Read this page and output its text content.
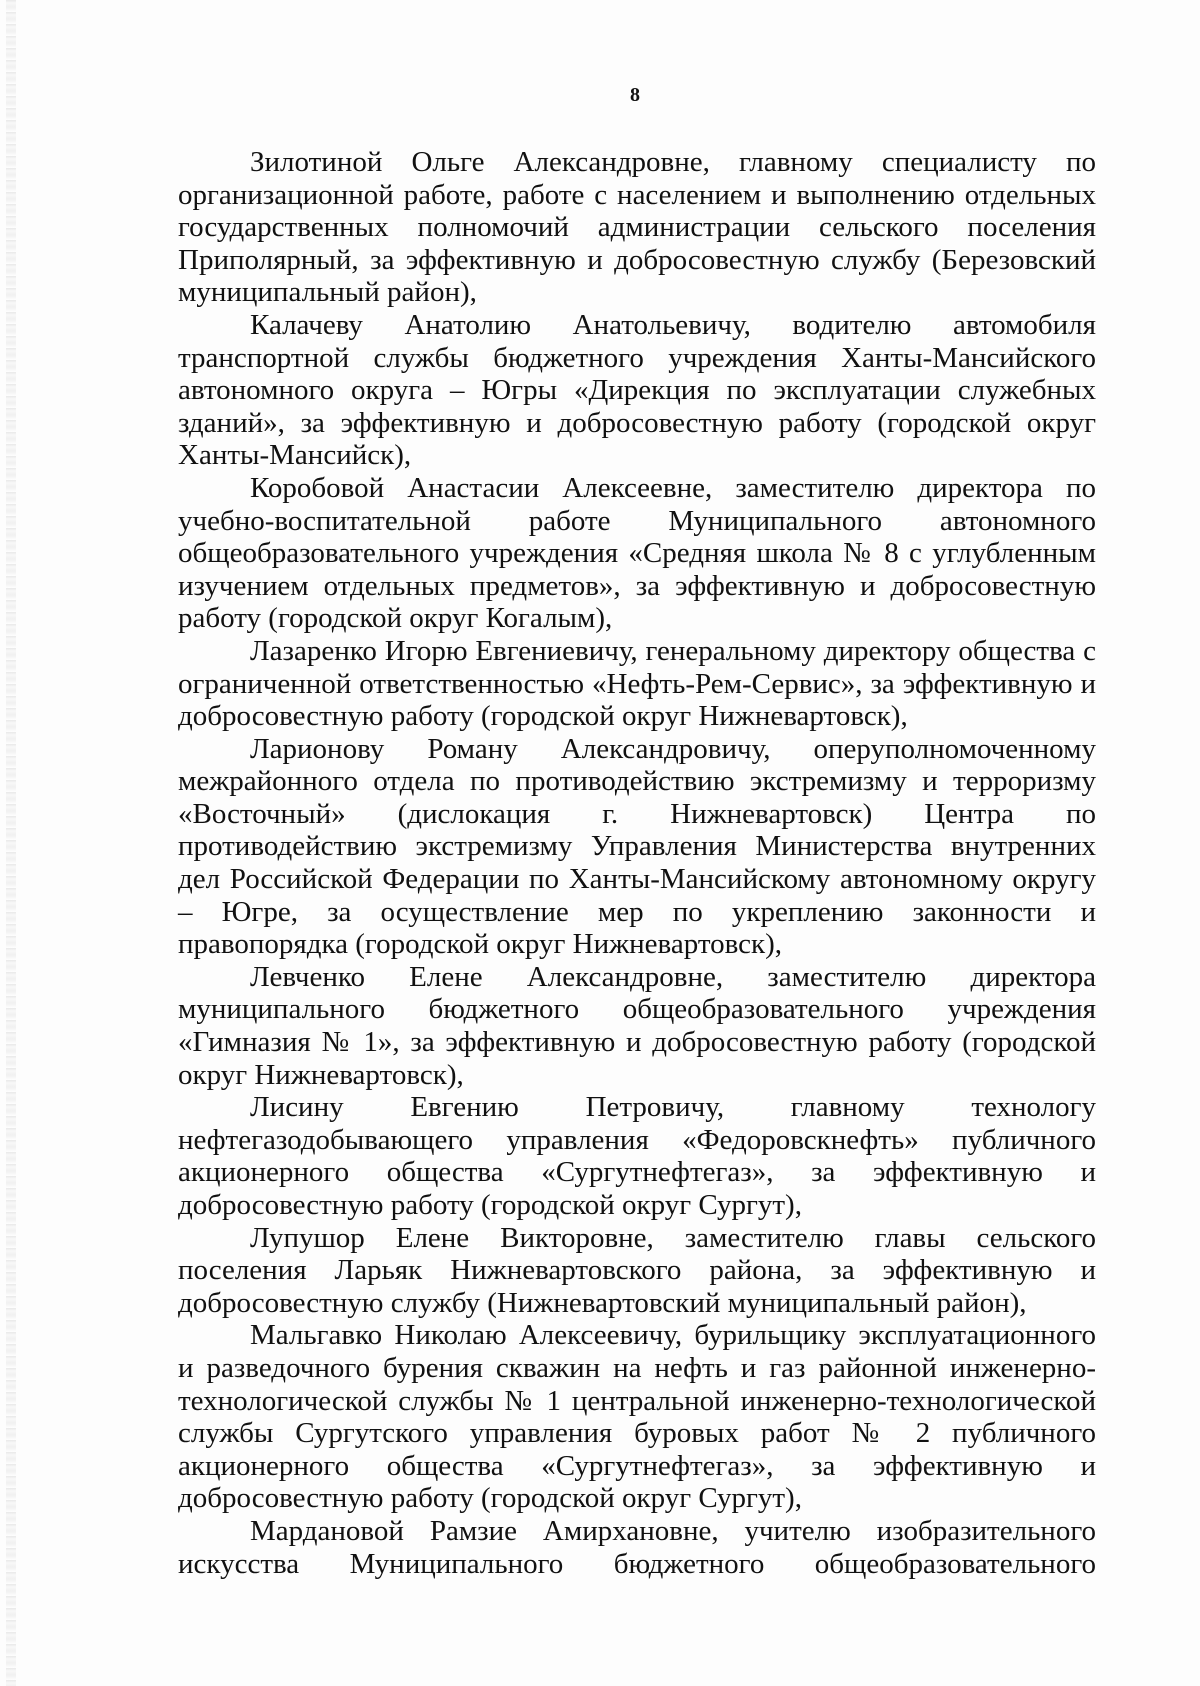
8

Зилотиной Ольге Александровне, главному специалисту по организационной работе, работе с населением и выполнению отдельных государственных полномочий администрации сельского поселения Приполярный, за эффективную и добросовестную службу (Березовский муниципальный район),

Калачеву Анатолию Анатольевичу, водителю автомобиля транспортной службы бюджетного учреждения Ханты-Мансийского автономного округа – Югры «Дирекция по эксплуатации служебных зданий», за эффективную и добросовестную работу (городской округ Ханты-Мансийск),

Коробовой Анастасии Алексеевне, заместителю директора по учебно-воспитательной работе Муниципального автономного общеобразовательного учреждения «Средняя школа № 8 с углубленным изучением отдельных предметов», за эффективную и добросовестную работу (городской округ Когалым),

Лазаренко Игорю Евгениевичу, генеральному директору общества с ограниченной ответственностью «Нефть-Рем-Сервис», за эффективную и добросовестную работу (городской округ Нижневартовск),

Ларионову Роману Александровичу, оперуполномоченному межрайонного отдела по противодействию экстремизму и терроризму «Восточный» (дислокация г. Нижневартовск) Центра по противодействию экстремизму Управления Министерства внутренних дел Российской Федерации по Ханты-Мансийскому автономному округу – Югре, за осуществление мер по укреплению законности и правопорядка (городской округ Нижневартовск),

Левченко Елене Александровне, заместителю директора муниципального бюджетного общеобразовательного учреждения «Гимназия № 1», за эффективную и добросовестную работу (городской округ Нижневартовск),

Лисину Евгению Петровичу, главному технологу нефтегазодобывающего управления «Федоровскнефть» публичного акционерного общества «Сургутнефтегаз», за эффективную и добросовестную работу (городской округ Сургут),

Лупушор Елене Викторовне, заместителю главы сельского поселения Ларьяк Нижневартовского района, за эффективную и добросовестную службу (Нижневартовский муниципальный район),

Мальгавко Николаю Алексеевичу, бурильщику эксплуатационного и разведочного бурения скважин на нефть и газ районной инженерно-технологической службы № 1 центральной инженерно-технологической службы Сургутского управления буровых работ № 2 публичного акционерного общества «Сургутнефтегаз», за эффективную и добросовестную работу (городской округ Сургут),

Мардановой Рамзие Амирхановне, учителю изобразительного искусства Муниципального бюджетного общеобразовательного
